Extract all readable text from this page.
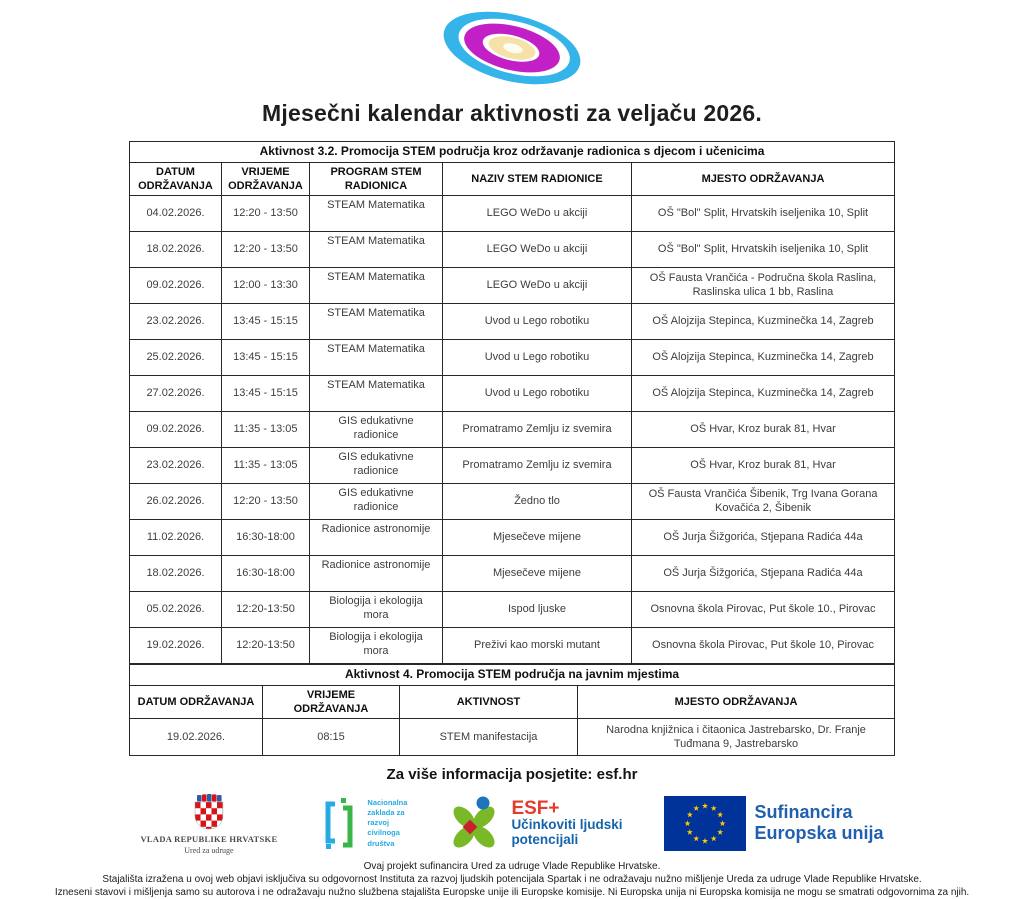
Mjesečni kalendar aktivnosti za veljaču 2026.
Aktivnost 3.2. Promocija STEM područja kroz održavanje radionica s djecom i učenicima				
DATUM ODRŽAVANJA	VRIJEME ODRŽAVANJA	PROGRAM STEM RADIONICA	NAZIV STEM RADIONICE	MJESTO ODRŽAVANJA
04.02.2026.	12:20 - 13:50	STEAM Matematika	LEGO WeDo u akciji	OŠ "Bol" Split, Hrvatskih iseljenika 10, Split
18.02.2026.	12:20 - 13:50	STEAM Matematika	LEGO WeDo u akciji	OŠ "Bol" Split, Hrvatskih iseljenika 10, Split
09.02.2026.	12:00 - 13:30	STEAM Matematika	LEGO WeDo u akciji	OŠ Fausta Vrančića - Područna škola Raslina, Raslinska ulica 1 bb, Raslina
23.02.2026.	13:45 - 15:15	STEAM Matematika	Uvod u Lego robotiku	OŠ Alojzija Stepinca, Kuzminečka 14, Zagreb
25.02.2026.	13:45 - 15:15	STEAM Matematika	Uvod u Lego robotiku	OŠ Alojzija Stepinca, Kuzminečka 14, Zagreb
27.02.2026.	13:45 - 15:15	STEAM Matematika	Uvod u Lego robotiku	OŠ Alojzija Stepinca, Kuzminečka 14, Zagreb
09.02.2026.	11:35 - 13:05	GIS edukativne radionice	Promatramo Zemlju iz svemira	OŠ Hvar, Kroz burak 81, Hvar
23.02.2026.	11:35 - 13:05	GIS edukativne radionice	Promatramo Zemlju iz svemira	OŠ Hvar, Kroz burak 81, Hvar
26.02.2026.	12:20 - 13:50	GIS edukativne radionice	Žedno tlo	OŠ Fausta Vrančića Šibenik, Trg Ivana Gorana Kovačića 2, Šibenik
11.02.2026.	16:30-18:00	Radionice astronomije	Mjesečeve mijene	OŠ Jurja Šižgorića, Stjepana Radića 44a
18.02.2026.	16:30-18:00	Radionice astronomije	Mjesečeve mijene	OŠ Jurja Šižgorića, Stjepana Radića 44a
05.02.2026.	12:20-13:50	Biologija i ekologija mora	Ispod ljuske	Osnovna škola Pirovac, Put škole 10., Pirovac
19.02.2026.	12:20-13:50	Biologija i ekologija mora	Preživi kao morski mutant	Osnovna škola Pirovac, Put škole 10, Pirovac
Aktivnost 4. Promocija STEM područja na javnim mjestima			
DATUM ODRŽAVANJA	VRIJEME ODRŽAVANJA	AKTIVNOST	MJESTO ODRŽAVANJA
19.02.2026.	08:15	STEM manifestacija	Narodna knjižnica i čitaonica Jastrebarsko, Dr. Franje Tuđmana 9, Jastrebarsko
Za više informacija posjetite: esf.hr
VLADA REPUBLIKE HRVATSKE
Ured za udruge
Nacionalna
zaklada za
razvoj
civilnoga
društva
ESF+
Učinkoviti ljudski
potencijali
Sufinancira
Europska unija
Ovaj projekt sufinancira Ured za udruge Vlade Republike Hrvatske.
Stajališta izražena u ovoj web objavi isključiva su odgovornost Instituta za razvoj ljudskih potencijala Spartak i ne odražavaju nužno mišljenje Ureda za udruge Vlade Republike Hrvatske.
Izneseni stavovi i mišljenja samo su autorova i ne odražavaju nužno službena stajališta Europske unije ili Europske komisije. Ni Europska unija ni Europska komisija ne mogu se smatrati odgovornima za njih.
